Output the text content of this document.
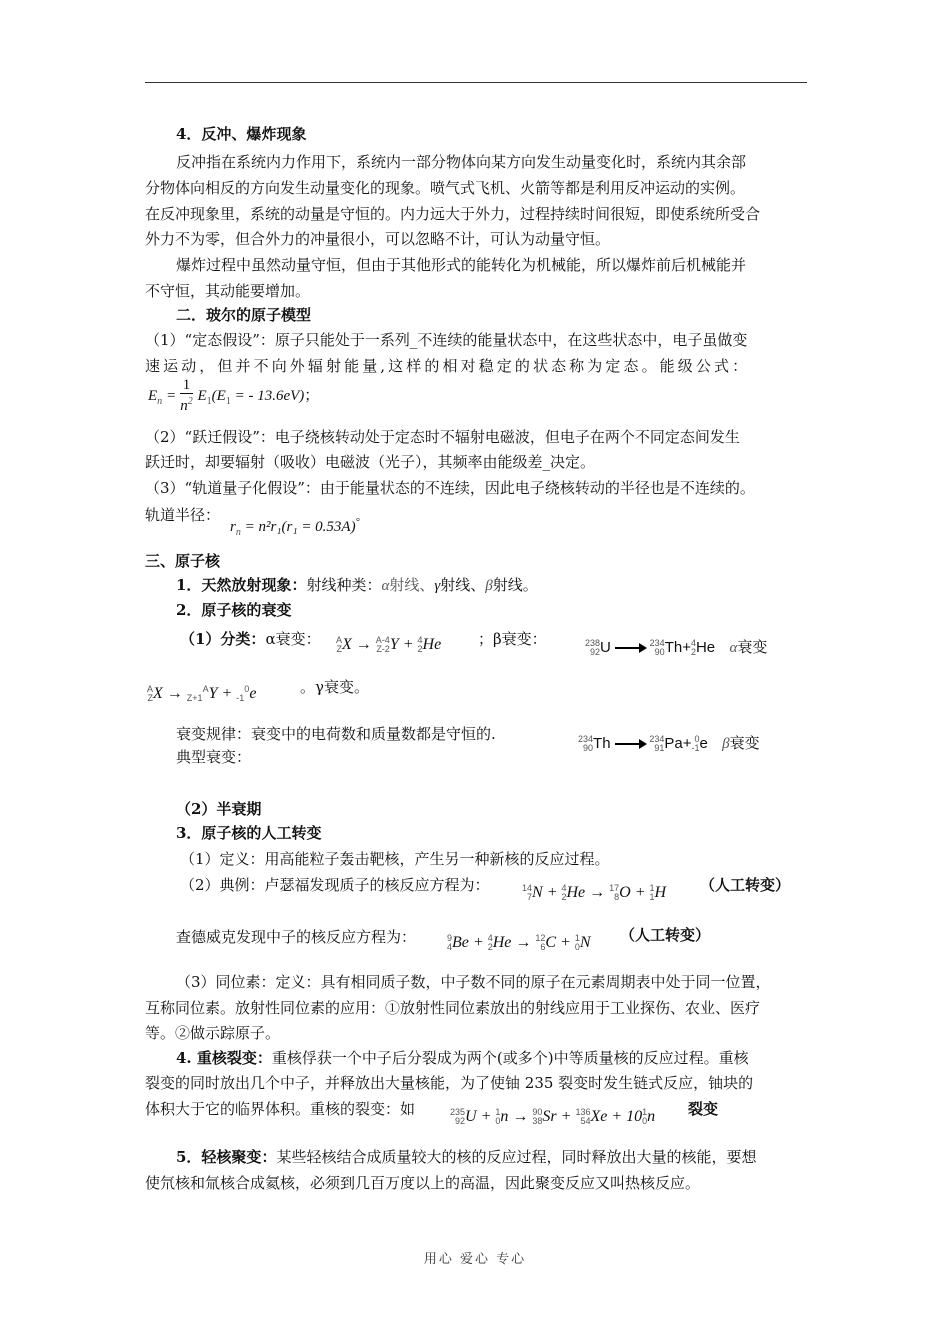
4．反冲、爆炸现象
反冲指在系统内力作用下，系统内一部分物体向某方向发生动量变化时，系统内其余部
分物体向相反的方向发生动量变化的现象。喷气式飞机、火箭等都是利用反冲运动的实例。
在反冲现象里，系统的动量是守恒的。内力远大于外力，过程持续时间很短，即使系统所受合
外力不为零，但合外力的冲量很小，可以忽略不计，可认为动量守恒。
爆炸过程中虽然动量守恒，但由于其他形式的能转化为机械能，所以爆炸前后机械能并
不守恒，其动能要增加。
二．玻尔的原子模型
（1）“定态假设”：原子只能处于一系列_不连续的能量状态中，在这些状态中，电子虽做变
速运动，但并不向外辐射能量,这样的相对稳定的状态称为定态。能级公式：
$E_n = \frac{1}{n^2} E_1(E_1$ = - 13.6eV)；
（2）“跃迁假设”：电子绕核转动处于定态时不辐射电磁波，但电子在两个不同定态间发生
跃迁时，却要辐射（吸收）电磁波（光子），其频率由能级差_决定。
（3）“轨道量子化假设”：由于能量状态的不连续，因此电子绕核转动的半径也是不连续的。
轨道半径：
$r_n = n^2r_1(r_1 = 0.53A)^\circ$
三、原子核
1．天然放射现象：射线种类：α射线、γ射线、β射线。
2．原子核的衰变
（1）分类：α衰变： A
Z X → A-4
Z-2 Y + 4
2 He ；β衰变：	238
92 U	234
90 Th+ 4
2 He α衰变
A
Z X →
Z+1
A
Y +
-1
0
e	。γ衰变。
衰变规律：衰变中的电荷数和质量数都是守恒的.
典型衰变：
234
90 Th	234
91 Pa+ 0
-1 e β衰变
（2）半衰期
3．原子核的人工转变
（1）定义：用高能粒子轰击靶核，产生另一种新核的反应过程。
（2）典例：卢瑟福发现质子的核反应方程为：	14
7 N + 4
2 He → 17
8 O + 1
1 H （人工转变）
查德威克发现中子的核反应方程为：	9
4 Be + 4
2 He → 12
6 C + 1
0 N （人工转变）
（3）同位素：定义：具有相同质子数，中子数不同的原子在元素周期表中处于同一位置，
互称同位素。放射性同位素的应用：①放射性同位素放出的射线应用于工业探伤、农业、医疗
等。②做示踪原子。
4. 重核裂变：重核俘获一个中子后分裂成为两个(或多个)中等质量核的反应过程。重核
裂变的同时放出几个中子，并释放出大量核能，为了使铀 235 裂变时发生链式反应，铀块的
体积大于它的临界体积。重核的裂变：如	235
92 U + 1
0 n → 90
38 Sr + 136
54 Xe + 10 1
0 n 裂变
5．轻核聚变：某些轻核结合成质量较大的核的反应过程，同时释放出大量的核能，要想
使氘核和氚核合成氦核，必须到几百万度以上的高温，因此聚变反应又叫热核反应。
用心 爱心 专心
